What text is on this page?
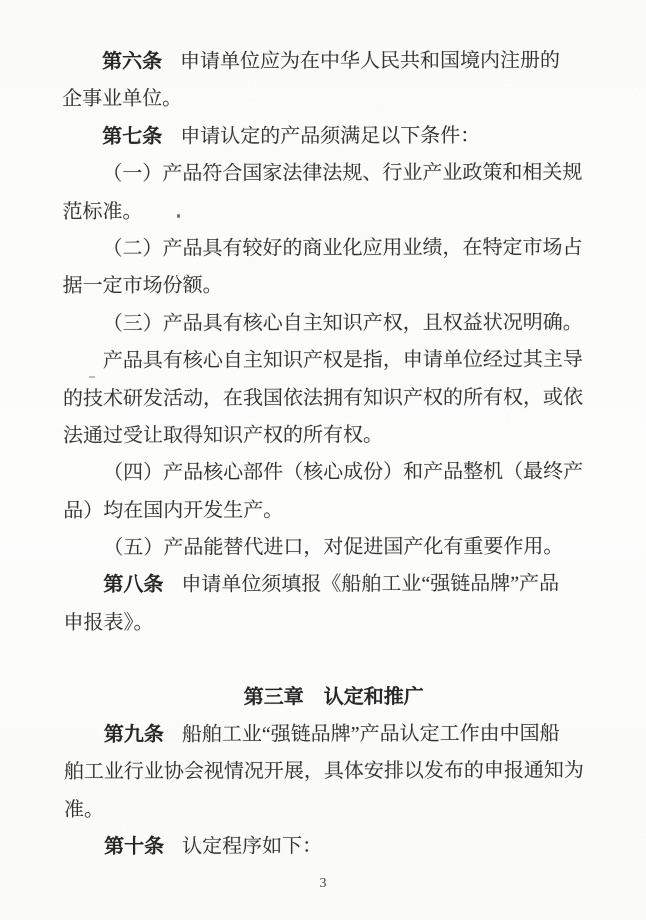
第六条 申请单位应为在中华人民共和国境内注册的
企事业单位。
第七条 申请认定的产品须满足以下条件：
（一）产品符合国家法律法规、行业产业政策和相关规
范标准。
（二）产品具有较好的商业化应用业绩，在特定市场占
据一定市场份额。
（三）产品具有核心自主知识产权，且权益状况明确。
产品具有核心自主知识产权是指，申请单位经过其主导
的技术研发活动，在我国依法拥有知识产权的所有权，或依
法通过受让取得知识产权的所有权。
（四）产品核心部件（核心成份）和产品整机（最终产
品）均在国内开发生产。
（五）产品能替代进口，对促进国产化有重要作用。
第八条 申请单位须填报《船舶工业“强链品牌”产品
申报表》。
第三章 认定和推广
第九条 船舶工业“强链品牌”产品认定工作由中国船
舶工业行业协会视情况开展，具体安排以发布的申报通知为
准。
第十条 认定程序如下：
3
